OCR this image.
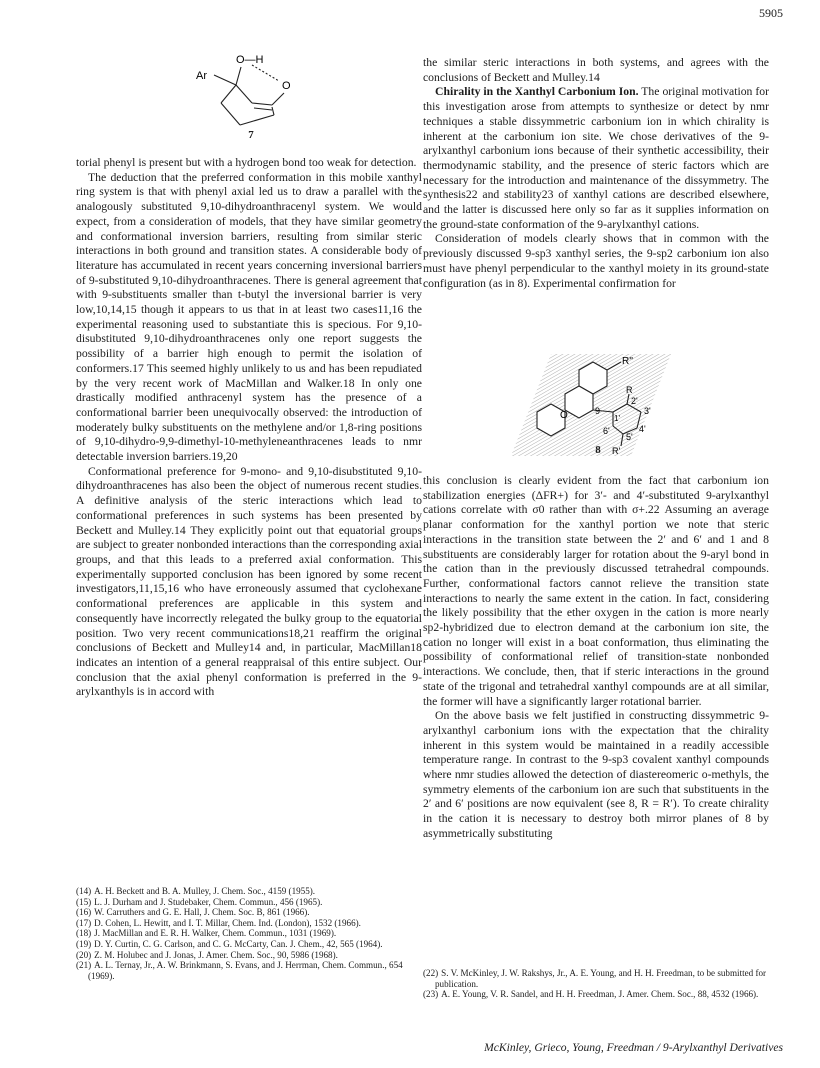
5905
O—H
Ar
O
7

torial phenyl is present but with a hydrogen bond too weak for detection.

The deduction that the preferred conformation in this mobile xanthyl ring system is that with phenyl axial led us to draw a parallel with the analogously substituted 9,10-dihydroanthracenyl system. We would expect, from a consideration of models, that they have similar geometry and conformational inversion barriers, resulting from similar steric interactions in both ground and transition states. A considerable body of literature has accumulated in recent years concerning inversional barriers of 9-substituted 9,10-dihydroanthracenes. There is general agreement that with 9-substituents smaller than t-butyl the inversional barrier is very low,10,14,15 though it appears to us that in at least two cases11,16 the experimental reasoning used to substantiate this is specious. For 9,10-disubstituted 9,10-dihydroanthracenes only one report suggests the possibility of a barrier high enough to permit the isolation of conformers.17 This seemed highly unlikely to us and has been repudiated by the very recent work of MacMillan and Walker.18 In only one drastically modified anthracenyl system has the presence of a conformational barrier been unequivocally observed: the introduction of moderately bulky substituents on the methylene and/or 1,8-ring positions of 9,10-dihydro-9,9-dimethyl-10-methyleneanthracenes leads to nmr detectable inversion barriers.19,20

Conformational preference for 9-mono- and 9,10-disubstituted 9,10-dihydroanthracenes has also been the object of numerous recent studies. A definitive analysis of the steric interactions which lead to conformational preferences in such systems has been presented by Beckett and Mulley.14 They explicitly point out that equatorial groups are subject to greater nonbonded interactions than the corresponding axial groups, and that this leads to a preferred axial conformation. This experimentally supported conclusion has been ignored by some recent investigators,11,15,16 who have erroneously assumed that cyclohexane conformational preferences are applicable in this system and consequently have incorrectly relegated the bulky group to the equatorial position. Two very recent communications18,21 reaffirm the original conclusions of Beckett and Mulley14 and, in particular, MacMillan18 indicates an intention of a general reappraisal of this entire subject. Our conclusion that the axial phenyl conformation is preferred in the 9-arylxanthyls is in accord with

(14) A. H. Beckett and B. A. Mulley, J. Chem. Soc., 4159 (1955).

(15) L. J. Durham and J. Studebaker, Chem. Commun., 456 (1965).

(16) W. Carruthers and G. E. Hall, J. Chem. Soc. B, 861 (1966).

(17) D. Cohen, L. Hewitt, and I. T. Millar, Chem. Ind. (London), 1532 (1966).

(18) J. MacMillan and E. R. H. Walker, Chem. Commun., 1031 (1969).

(19) D. Y. Curtin, C. G. Carlson, and C. G. McCarty, Can. J. Chem., 42, 565 (1964).

(20) Z. M. Holubec and J. Jonas, J. Amer. Chem. Soc., 90, 5986 (1968).

(21) A. L. Ternay, Jr., A. W. Brinkmann, S. Evans, and J. Herrman, Chem. Commun., 654 (1969).

the similar steric interactions in both systems, and agrees with the conclusions of Beckett and Mulley.14

Chirality in the Xanthyl Carbonium Ion. The original motivation for this investigation arose from attempts to synthesize or detect by nmr techniques a stable dissymmetric carbonium ion in which chirality is inherent at the carbonium ion site. We chose derivatives of the 9-arylxanthyl carbonium ions because of their synthetic accessibility, their thermodynamic stability, and the presence of steric factors which are necessary for the introduction and maintenance of the dissymmetry. The synthesis22 and stability23 of xanthyl cations are described elsewhere, and the latter is discussed here only so far as it supplies information on the ground-state conformation of the 9-arylxanthyl cations.

Consideration of models clearly shows that in common with the previously discussed 9-sp3 xanthyl series, the 9-sp2 carbonium ion also must have phenyl perpendicular to the xanthyl moiety in its ground-state configuration (as in 8). Experimental confirmation for

R''
O	9
R
2'
3'
4'
5'
6'
1'
R'
8

this conclusion is clearly evident from the fact that carbonium ion stabilization energies (ΔFR+) for 3′- and 4′-substituted 9-arylxanthyl cations correlate with σ0 rather than with σ+.22 Assuming an average planar conformation for the xanthyl portion we note that steric interactions in the transition state between the 2′ and 6′ and 1 and 8 substituents are considerably larger for rotation about the 9-aryl bond in the cation than in the previously discussed tetrahedral compounds. Further, conformational factors cannot relieve the transition state interactions to nearly the same extent in the cation. In fact, considering the likely possibility that the ether oxygen in the cation is more nearly sp2-hybridized due to electron demand at the carbonium ion site, the cation no longer will exist in a boat conformation, thus eliminating the possibility of conformational relief of transition-state nonbonded interactions. We conclude, then, that if steric interactions in the ground state of the trigonal and tetrahedral xanthyl compounds are at all similar, the former will have a significantly larger rotational barrier.

On the above basis we felt justified in constructing dissymmetric 9-arylxanthyl carbonium ions with the expectation that the chirality inherent in this system would be maintained in a readily accessible temperature range. In contrast to the 9-sp3 covalent xanthyl compounds where nmr studies allowed the detection of diastereomeric o-methyls, the symmetry elements of the carbonium ion are such that substituents in the 2′ and 6′ positions are now equivalent (see 8, R = R′). To create chirality in the cation it is necessary to destroy both mirror planes of 8 by asymmetrically substituting

(22) S. V. McKinley, J. W. Rakshys, Jr., A. E. Young, and H. H. Freedman, to be submitted for publication.

(23) A. E. Young, V. R. Sandel, and H. H. Freedman, J. Amer. Chem. Soc., 88, 4532 (1966).

McKinley, Grieco, Young, Freedman / 9-Arylxanthyl Derivatives
